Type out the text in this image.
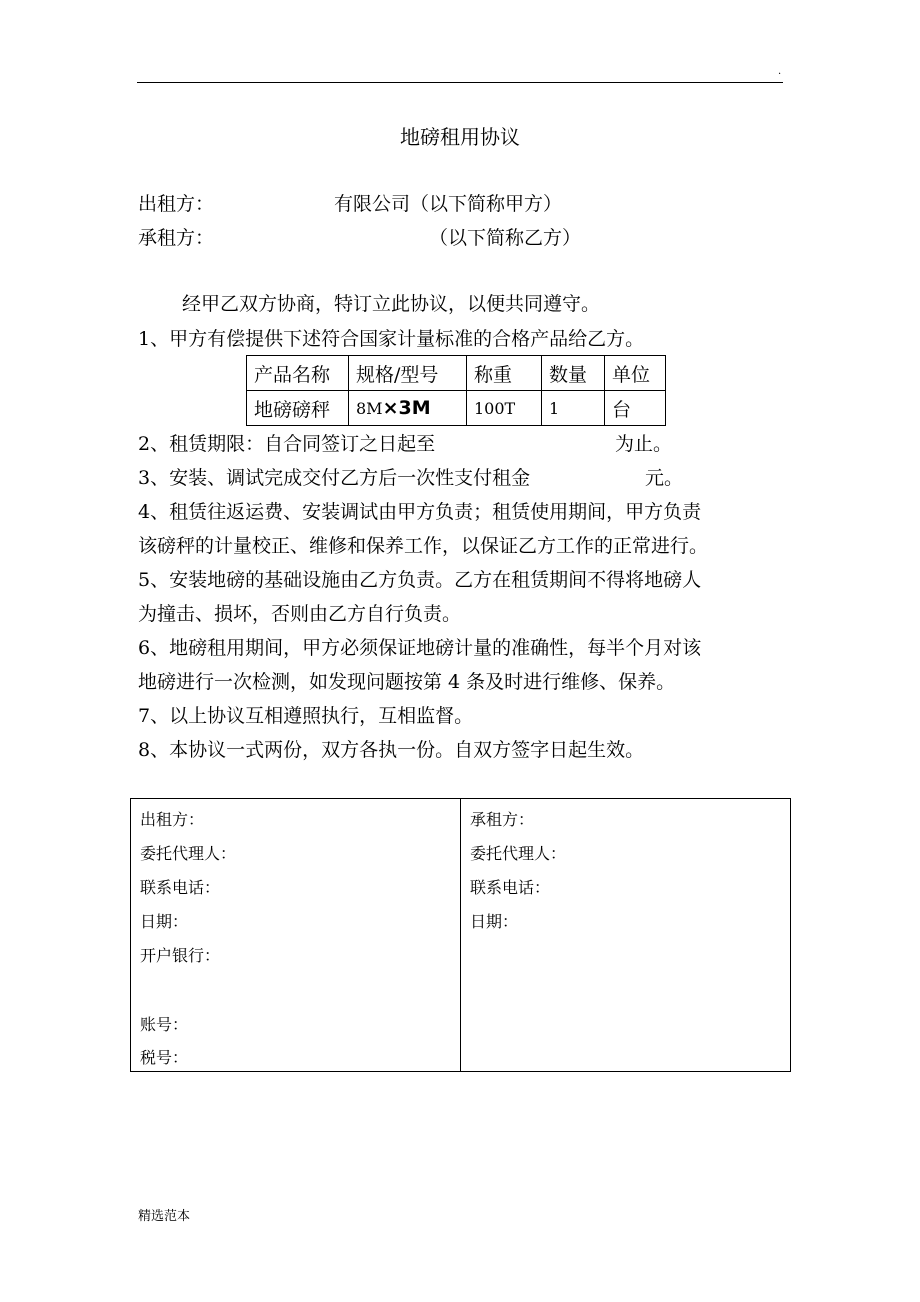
.
地磅租用协议
出租方：	有限公司（以下简称甲方）
承租方：	（以下简称乙方）
经甲乙双方协商，特订立此协议，以便共同遵守。
1、甲方有偿提供下述符合国家计量标准的合格产品给乙方。
产品名称	规格/型号	称重	数量	单位
地磅磅秤	8M×3M	100T	1	台
2、租赁期限：自合同签订之日起至	为止。
3、安装、调试完成交付乙方后一次性支付租金	元。
4、租赁往返运费、安装调试由甲方负责；租赁使用期间，甲方负责
该磅秤的计量校正、维修和保养工作，以保证乙方工作的正常进行。
5、安装地磅的基础设施由乙方负责。乙方在租赁期间不得将地磅人
为撞击、损坏，否则由乙方自行负责。
6、地磅租用期间，甲方必须保证地磅计量的准确性，每半个月对该
地磅进行一次检测，如发现问题按第 4 条及时进行维修、保养。
7、以上协议互相遵照执行，互相监督。
8、本协议一式两份，双方各执一份。自双方签字日起生效。
出租方：
委托代理人：
联系电话：
日期：
开户银行：
账号：
税号：
承租方：
委托代理人：
联系电话：
日期：
精选范本
